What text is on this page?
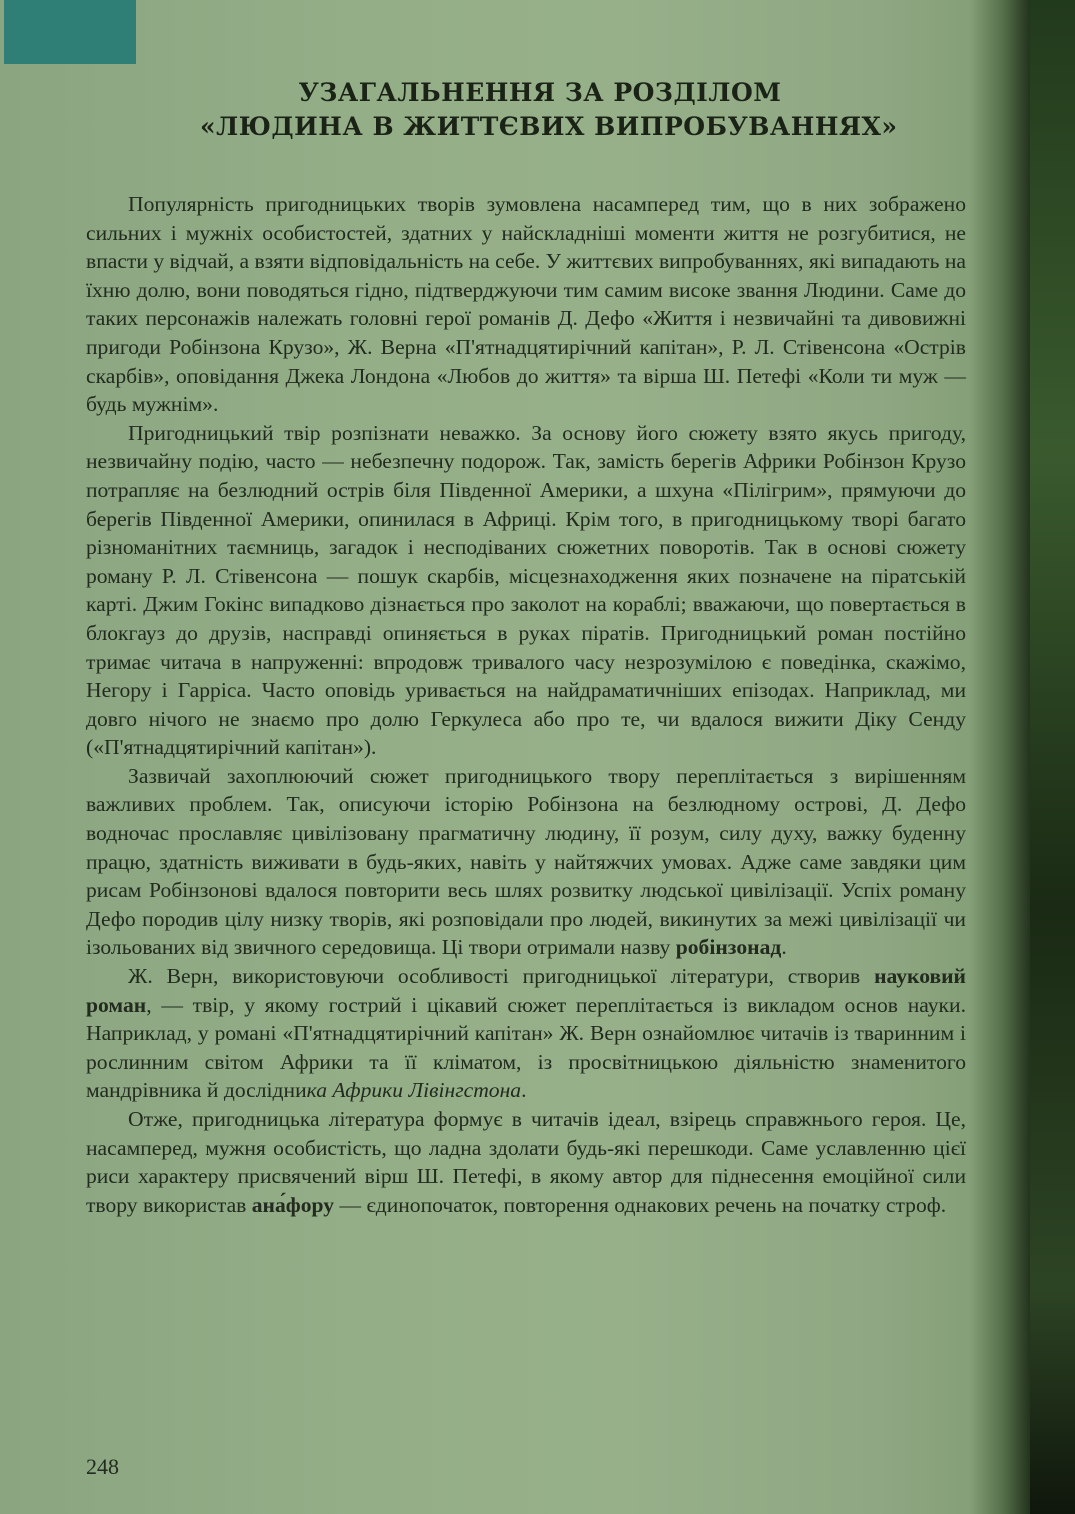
УЗАГАЛЬНЕННЯ ЗА РОЗДІЛОМ
«ЛЮДИНА В ЖИТТЄВИХ ВИПРОБУВАННЯХ»

Популярність пригодницьких творів зумовлена насамперед тим, що в них зображено сильних і мужніх особистостей, здатних у найскладніші моменти життя не розгубитися, не впасти у відчай, а взяти відповідальність на себе. У життєвих випробуваннях, які випадають на їхню долю, вони поводяться гідно, підтверджуючи тим самим високе звання Людини. Саме до таких персонажів належать головні герої романів Д. Дефо «Життя і незвичайні та дивовижні пригоди Робінзона Крузо», Ж. Верна «П'ятнадцятирічний капітан», Р. Л. Стівенсона «Острів скарбів», оповідання Джека Лондона «Любов до життя» та вірша Ш. Петефі «Коли ти муж — будь мужнім».

Пригодницький твір розпізнати неважко. За основу його сюжету взято якусь пригоду, незвичайну подію, часто — небезпечну подорож. Так, замість берегів Африки Робінзон Крузо потрапляє на безлюдний острів біля Південної Америки, а шхуна «Пілігрим», прямуючи до берегів Південної Америки, опинилася в Африці. Крім того, в пригодницькому творі багато різноманітних таємниць, загадок і несподіваних сюжетних поворотів. Так в основі сюжету роману Р. Л. Стівенсона — пошук скарбів, місцезнаходження яких позначене на піратській карті. Джим Гокінс випадково дізнається про заколот на кораблі; вважаючи, що повертається в блокгауз до друзів, насправді опиняється в руках піратів. Пригодницький роман постійно тримає читача в напруженні: впродовж тривалого часу незрозумілою є поведінка, скажімо, Негору і Гарріса. Часто оповідь уривається на найдраматичніших епізодах. Наприклад, ми довго нічого не знаємо про долю Геркулеса або про те, чи вдалося вижити Діку Сенду («П'ятнадцятирічний капітан»).

Зазвичай захоплюючий сюжет пригодницького твору переплітається з вирішенням важливих проблем. Так, описуючи історію Робінзона на безлюдному острові, Д. Дефо водночас прославляє цивілізовану прагматичну людину, її розум, силу духу, важку буденну працю, здатність виживати в будь-яких, навіть у найтяжчих умовах. Адже саме завдяки цим рисам Робінзонові вдалося повторити весь шлях розвитку людської цивілізації. Успіх роману Дефо породив цілу низку творів, які розповідали про людей, викинутих за межі цивілізації чи ізольованих від звичного середовища. Ці твори отримали назву робінзонад.

Ж. Верн, використовуючи особливості пригодницької літератури, створив науковий роман, — твір, у якому гострий і цікавий сюжет переплітається із викладом основ науки. Наприклад, у романі «П'ятнадцятирічний капітан» Ж. Верн ознайомлює читачів із тваринним і рослинним світом Африки та її кліматом, із просвітницькою діяльністю знаменитого мандрівника й дослідника Африки Лівінгстона.

Отже, пригодницька література формує в читачів ідеал, взірець справжнього героя. Це, насамперед, мужня особистість, що ладна здолати будь-які перешкоди. Саме уславленню цієї риси характеру присвячений вірш Ш. Петефі, в якому автор для піднесення емоційної сили твору використав ана́фору — єдинопочаток, повторення однакових речень на початку строф.

248
